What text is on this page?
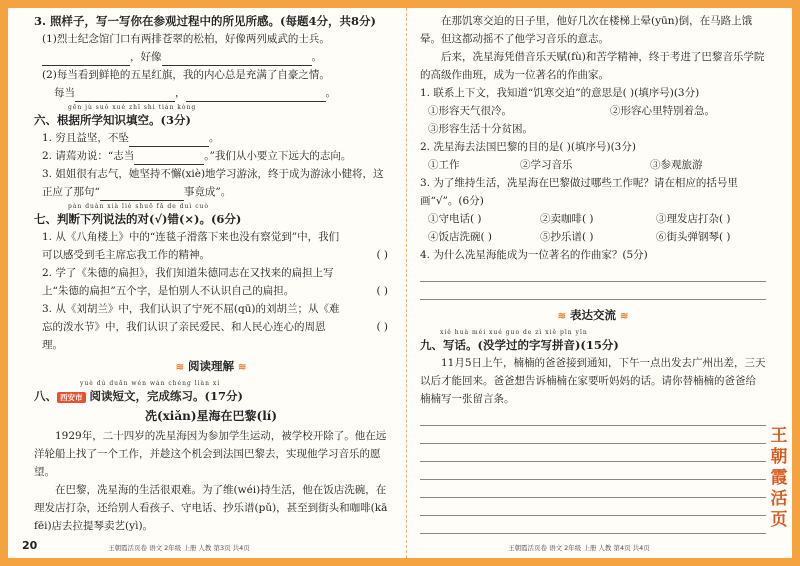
3. 照样子，写一写你在参观过程中的所见所感。(每题4分，共8分)
(1)烈士纪念馆门口有两排苍翠的松柏，好像两列威武的士兵。
，好像	。
(2)每当看到鲜艳的五星红旗，我的内心总是充满了自豪之情。
每当	，	。
gēn jù suǒ xué zhī shi tián kòng
六、根据所学知识填空。(3分)
1. 穷且益坚，不坠	。
2. 请蔫劝说：“志当	。”我们从小要立下远大的志向。
3. 姐姐很有志气，她坚持不懈(xiè)地学习游泳，终于成为游泳小健将，这正应了那句“	事竟成”。
pàn duàn xià liè shuō fǎ de duì cuò
七、判断下列说法的对(√)错(×)。(6分)
1. 从《八角楼上》中的“连毯子滑落下来也没有察觉到”中，我们可以感受到毛主席忘我工作的精神。	( )
2. 学了《朱德的扁担》，我们知道朱德同志在又找来的扁担上写上“朱德的扁担”五个字，是怕别人不认识自己的扁担。	( )
3. 从《刘胡兰》中，我们认识了宁死不屈(qū)的刘胡兰；从《难忘的泼水节》中，我们认识了亲民爱民、和人民心连心的周恩理。
( )
≋ 阅读理解 ≋
yuè dú duǎn wén wán chéng liàn xí
八、 西安市 阅读短文，完成练习。(17分)
冼(xiǎn)星海在巴黎(lí)
1929年，二十四岁的冼星海因为参加学生运动，被学校开除了。他在远洋轮船上找了一个工作，并趁这个机会到法国巴黎去，实现他学习音乐的愿望。
在巴黎，冼星海的生活很艰难。为了维(wéi)持生活，他在饭店洗碗，在理发店打杂，还给别人看孩子、守电话、抄乐谱(pǔ)，甚至到街头和咖啡(kā fēi)店去拉提琴卖艺(yì)。
20	王朝霞活页卷 语文 2年级 上册 人教 第3页 共4页
在那饥寒交迫的日子里，他好几次在楼梯上晕(yūn)倒，在马路上饿晕。但这都动摇不了他学习音乐的意志。
后来，冼星海凭借音乐天赋(fù)和苦学精神，终于考进了巴黎音乐学院的高级作曲班，成为一位著名的作曲家。
1. 联系上下文，我知道“饥寒交迫”的意思是( )(填序号)(3分)
①形容天气很冷。	②形容心里特别着急。
③形容生活十分贫困。
2. 冼星海去法国巴黎的目的是( )(填序号)(3分)
①工作	②学习音乐	③参观旅游
3. 为了维持生活，冼星海在巴黎做过哪些工作呢？请在相应的括号里画“√”。(6分)
①守电话( )	②卖咖啡( )	③理发店打杂( )
④饭店洗碗( )	⑤抄乐谱( )	⑥街头弹钢琴( )
4. 为什么冼星海能成为一位著名的作曲家？(5分)
≋ 表达交流 ≋
xiě huà méi xué guo de zì xiě pīn yīn
九、写话。(没学过的字写拼音)(15分)
11月5日上午，楠楠的爸爸接到通知，下午一点出发去广州出差，三天以后才能回来。爸爸想告诉楠楠在家要听妈妈的话。请你替楠楠的爸爸给楠楠写一张留言条。
王朝霞活页卷 语文 2年级 上册 人教 第4页 共4页
王
朝
霞
活
页
